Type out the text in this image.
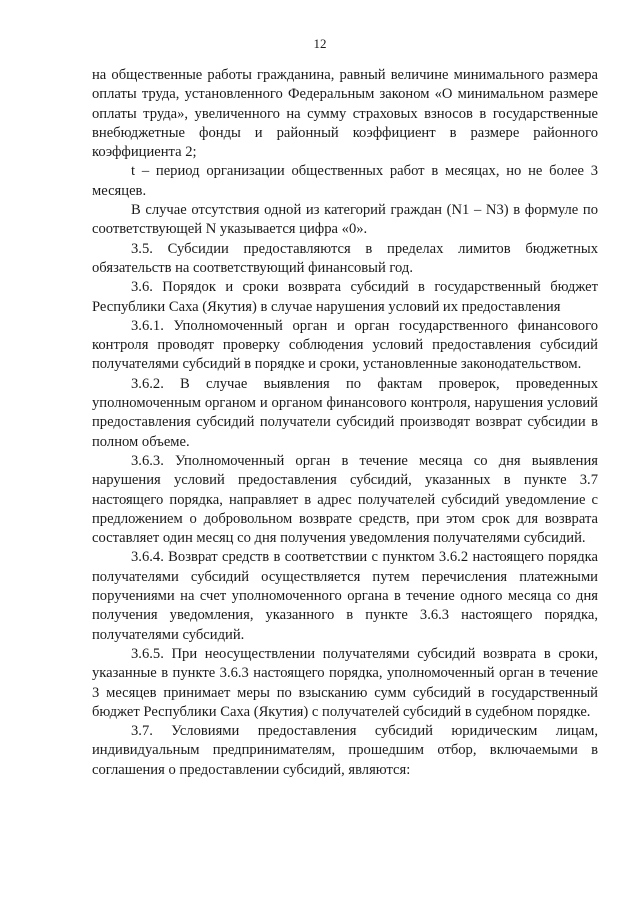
12

на общественные работы гражданина, равный величине минимального размера оплаты труда, установленного Федеральным законом «О минимальном размере оплаты труда», увеличенного на сумму страховых взносов в государственные внебюджетные фонды и районный коэффициент в размере районного коэффициента 2;

t – период организации общественных работ в месяцах, но не более 3 месяцев.

В случае отсутствия одной из категорий граждан (N1 – N3) в формуле по соответствующей N указывается цифра «0».

3.5. Субсидии предоставляются в пределах лимитов бюджетных обязательств на соответствующий финансовый год.

3.6. Порядок и сроки возврата субсидий в государственный бюджет Республики Саха (Якутия) в случае нарушения условий их предоставления

3.6.1. Уполномоченный орган и орган государственного финансового контроля проводят проверку соблюдения условий предоставления субсидий получателями субсидий в порядке и сроки, установленные законодательством.

3.6.2. В случае выявления по фактам проверок, проведенных уполномоченным органом и органом финансового контроля, нарушения условий предоставления субсидий получатели субсидий производят возврат субсидии в полном объеме.

3.6.3. Уполномоченный орган в течение месяца со дня выявления нарушения условий предоставления субсидий, указанных в пункте 3.7 настоящего порядка, направляет в адрес получателей субсидий уведомление с предложением о добровольном возврате средств, при этом срок для возврата составляет один месяц со дня получения уведомления получателями субсидий.

3.6.4. Возврат средств в соответствии с пунктом 3.6.2 настоящего порядка получателями субсидий осуществляется путем перечисления платежными поручениями на счет уполномоченного органа в течение одного месяца со дня получения уведомления, указанного в пункте 3.6.3 настоящего порядка, получателями субсидий.

3.6.5. При неосуществлении получателями субсидий возврата в сроки, указанные в пункте 3.6.3 настоящего порядка, уполномоченный орган в течение 3 месяцев принимает меры по взысканию сумм субсидий в государственный бюджет Республики Саха (Якутия) с получателей субсидий в судебном порядке.

3.7. Условиями предоставления субсидий юридическим лицам, индивидуальным предпринимателям, прошедшим отбор, включаемыми в соглашения о предоставлении субсидий, являются:
